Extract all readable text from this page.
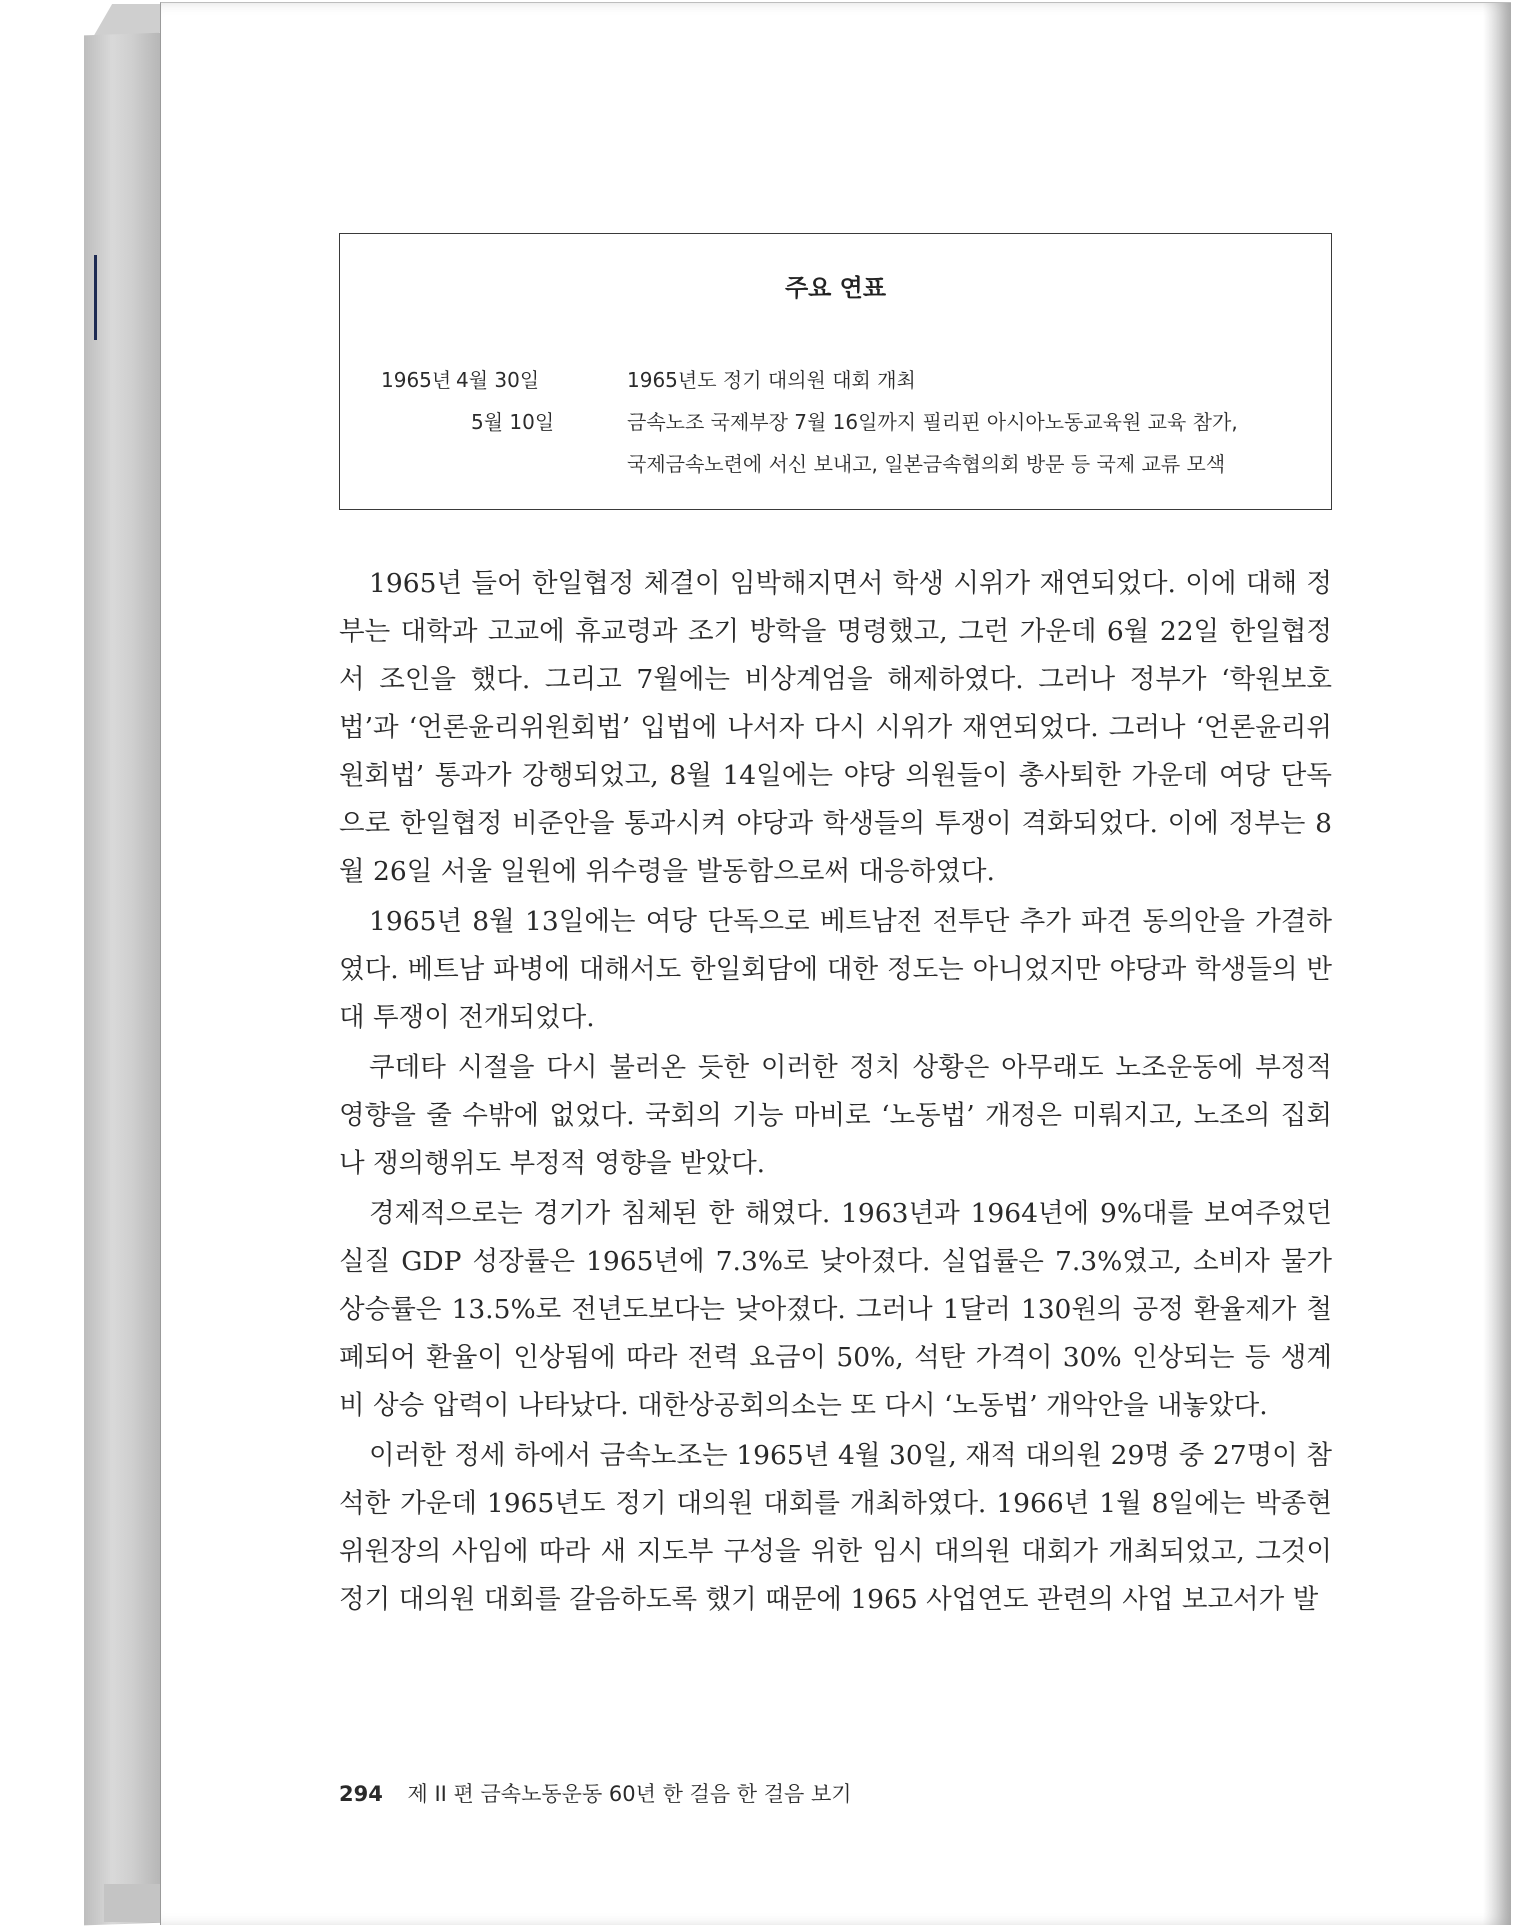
주요 연표
1965년 4월 30일	1965년도 정기 대의원 대회 개최
5월 10일	금속노조 국제부장 7월 16일까지 필리핀 아시아노동교육원 교육 참가,
국제금속노련에 서신 보내고, 일본금속협의회 방문 등 국제 교류 모색

1965년 들어 한일협정 체결이 임박해지면서 학생 시위가 재연되었다. 이에 대해 정부는 대학과 고교에 휴교령과 조기 방학을 명령했고, 그런 가운데 6월 22일 한일협정서 조인을 했다. 그리고 7월에는 비상계엄을 해제하였다. 그러나 정부가 ‘학원보호법’과 ‘언론윤리위원회법’ 입법에 나서자 다시 시위가 재연되었다. 그러나 ‘언론윤리위원회법’ 통과가 강행되었고, 8월 14일에는 야당 의원들이 총사퇴한 가운데 여당 단독으로 한일협정 비준안을 통과시켜 야당과 학생들의 투쟁이 격화되었다. 이에 정부는 8월 26일 서울 일원에 위수령을 발동함으로써 대응하였다.

1965년 8월 13일에는 여당 단독으로 베트남전 전투단 추가 파견 동의안을 가결하였다. 베트남 파병에 대해서도 한일회담에 대한 정도는 아니었지만 야당과 학생들의 반대 투쟁이 전개되었다.

쿠데타 시절을 다시 불러온 듯한 이러한 정치 상황은 아무래도 노조운동에 부정적 영향을 줄 수밖에 없었다. 국회의 기능 마비로 ‘노동법’ 개정은 미뤄지고, 노조의 집회나 쟁의행위도 부정적 영향을 받았다.

경제적으로는 경기가 침체된 한 해였다. 1963년과 1964년에 9%대를 보여주었던 실질 GDP 성장률은 1965년에 7.3%로 낮아졌다. 실업률은 7.3%였고, 소비자 물가 상승률은 13.5%로 전년도보다는 낮아졌다. 그러나 1달러 130원의 공정 환율제가 철폐되어 환율이 인상됨에 따라 전력 요금이 50%, 석탄 가격이 30% 인상되는 등 생계비 상승 압력이 나타났다. 대한상공회의소는 또 다시 ‘노동법’ 개악안을 내놓았다.

이러한 정세 하에서 금속노조는 1965년 4월 30일, 재적 대의원 29명 중 27명이 참석한 가운데 1965년도 정기 대의원 대회를 개최하였다. 1966년 1월 8일에는 박종현 위원장의 사임에 따라 새 지도부 구성을 위한 임시 대의원 대회가 개최되었고, 그것이 정기 대의원 대회를 갈음하도록 했기 때문에 1965 사업연도 관련의 사업 보고서가 발

294 제 II 편 금속노동운동 60년 한 걸음 한 걸음 보기
